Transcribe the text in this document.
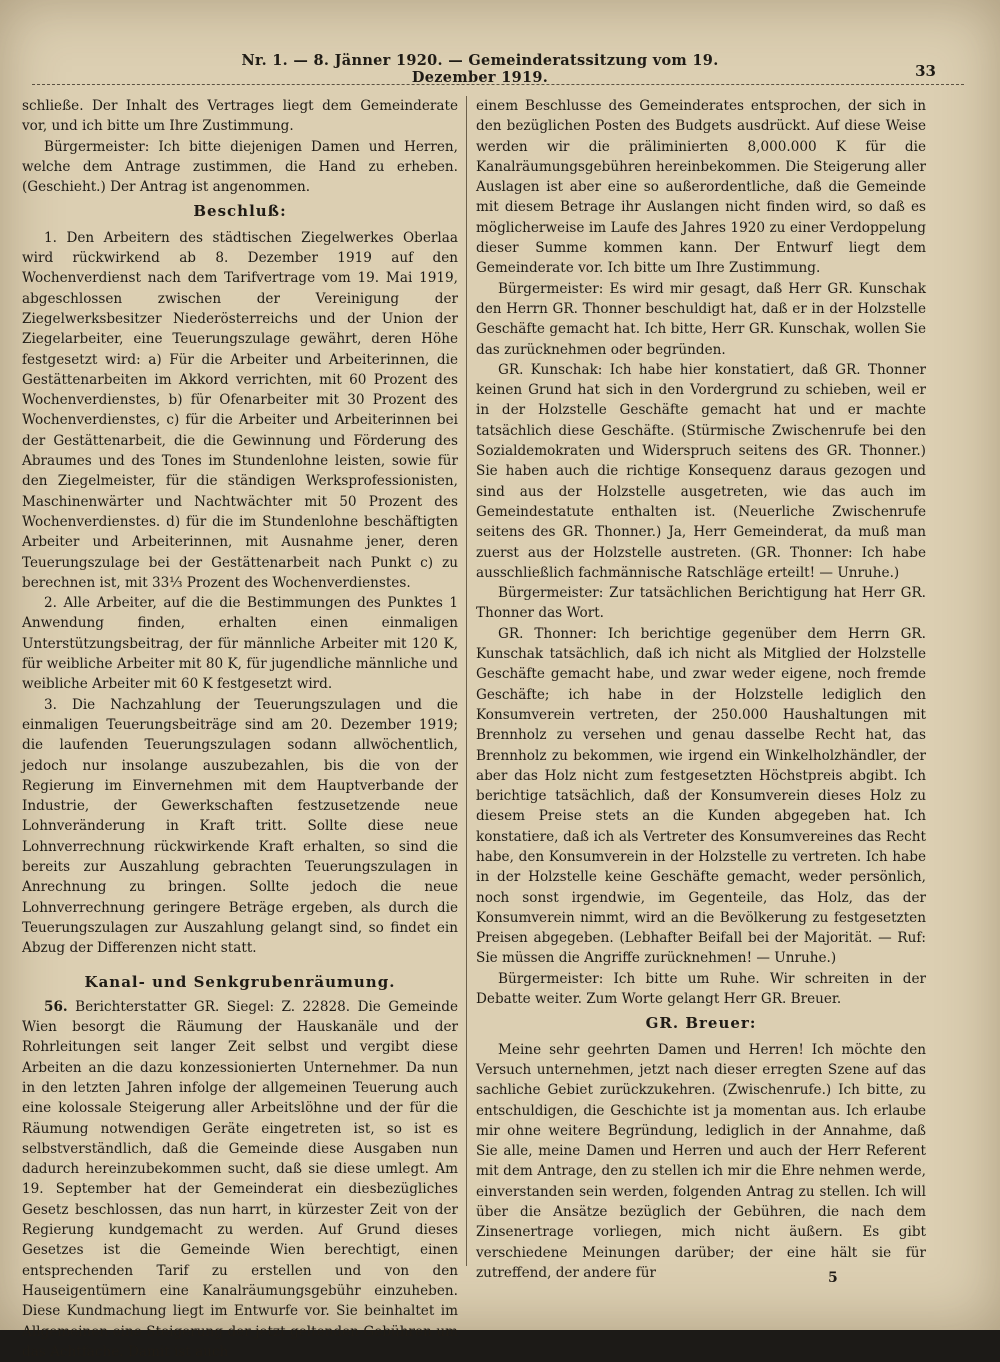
Nr. 1. — 8. Jänner 1920. — Gemeinderatssitzung vom 19. Dezember 1919.	33

schließe. Der Inhalt des Vertrages liegt dem Gemeinderate vor, und ich bitte um Ihre Zustimmung.

Bürgermeister: Ich bitte diejenigen Damen und Herren, welche dem Antrage zustimmen, die Hand zu erheben. (Geschieht.) Der Antrag ist angenommen.

Beschluß:

1. Den Arbeitern des städtischen Ziegelwerkes Oberlaa wird rückwirkend ab 8. Dezember 1919 auf den Wochenverdienst nach dem Tarifvertrage vom 19. Mai 1919, abgeschlossen zwischen der Vereinigung der Ziegelwerksbesitzer Niederösterreichs und der Union der Ziegelarbeiter, eine Teuerungszulage gewährt, deren Höhe festgesetzt wird: a) Für die Arbeiter und Arbeiterinnen, die Gestättenarbeiten im Akkord verrichten, mit 60 Prozent des Wochenverdienstes, b) für Ofenarbeiter mit 30 Prozent des Wochenverdienstes, c) für die Arbeiter und Arbeiterinnen bei der Gestättenarbeit, die die Gewinnung und Förderung des Abraumes und des Tones im Stundenlohne leisten, sowie für den Ziegelmeister, für die ständigen Werksprofessionisten, Maschinenwärter und Nachtwächter mit 50 Prozent des Wochenverdienstes. d) für die im Stundenlohne beschäftigten Arbeiter und Arbeiterinnen, mit Ausnahme jener, deren Teuerungszulage bei der Gestättenarbeit nach Punkt c) zu berechnen ist, mit 33⅓ Prozent des Wochenverdienstes.

2. Alle Arbeiter, auf die die Bestimmungen des Punktes 1 Anwendung finden, erhalten einen einmaligen Unterstützungsbeitrag, der für männliche Arbeiter mit 120 K, für weibliche Arbeiter mit 80 K, für jugendliche männliche und weibliche Arbeiter mit 60 K festgesetzt wird.

3. Die Nachzahlung der Teuerungszulagen und die einmaligen Teuerungsbeiträge sind am 20. Dezember 1919; die laufenden Teuerungszulagen sodann allwöchentlich, jedoch nur insolange auszubezahlen, bis die von der Regierung im Einvernehmen mit dem Hauptverbande der Industrie, der Gewerkschaften festzusetzende neue Lohnveränderung in Kraft tritt. Sollte diese neue Lohnverrechnung rückwirkende Kraft erhalten, so sind die bereits zur Auszahlung gebrachten Teuerungszulagen in Anrechnung zu bringen. Sollte jedoch die neue Lohnverrechnung geringere Beträge ergeben, als durch die Teuerungszulagen zur Auszahlung gelangt sind, so findet ein Abzug der Differenzen nicht statt.

Kanal- und Senkgrubenräumung.

56. Berichterstatter GR. Siegel: Z. 22828. Die Gemeinde Wien besorgt die Räumung der Hauskanäle und der Rohrleitungen seit langer Zeit selbst und vergibt diese Arbeiten an die dazu konzessionierten Unternehmer. Da nun in den letzten Jahren infolge der allgemeinen Teuerung auch eine kolossale Steigerung aller Arbeitslöhne und der für die Räumung notwendigen Geräte eingetreten ist, so ist es selbstverständlich, daß die Gemeinde diese Ausgaben nun dadurch hereinzubekommen sucht, daß sie diese umlegt. Am 19. September hat der Gemeinderat ein diesbezügliches Gesetz beschlossen, das nun harrt, in kürzester Zeit von der Regierung kundgemacht zu werden. Auf Grund dieses Gesetzes ist die Gemeinde Wien berechtigt, einen entsprechenden Tarif zu erstellen und von den Hauseigentümern eine Kanalräumungsgebühr einzuheben. Diese Kundmachung liegt im Entwurfe vor. Sie beinhaltet im Allgemeinen eine Steigerung der jetzt geltenden Gebühren um das Achtfache. Damit ist auch

einem Beschlusse des Gemeinderates entsprochen, der sich in den bezüglichen Posten des Budgets ausdrückt. Auf diese Weise werden wir die präliminierten 8,000.000 K für die Kanalräumungsgebühren hereinbekommen. Die Steigerung aller Auslagen ist aber eine so außerordentliche, daß die Gemeinde mit diesem Betrage ihr Auslangen nicht finden wird, so daß es möglicherweise im Laufe des Jahres 1920 zu einer Verdoppelung dieser Summe kommen kann. Der Entwurf liegt dem Gemeinderate vor. Ich bitte um Ihre Zustimmung.

Bürgermeister: Es wird mir gesagt, daß Herr GR. Kunschak den Herrn GR. Thonner beschuldigt hat, daß er in der Holzstelle Geschäfte gemacht hat. Ich bitte, Herr GR. Kunschak, wollen Sie das zurücknehmen oder begründen.

GR. Kunschak: Ich habe hier konstatiert, daß GR. Thonner keinen Grund hat sich in den Vordergrund zu schieben, weil er in der Holzstelle Geschäfte gemacht hat und er machte tatsächlich diese Geschäfte. (Stürmische Zwischenrufe bei den Sozialdemokraten und Widerspruch seitens des GR. Thonner.) Sie haben auch die richtige Konsequenz daraus gezogen und sind aus der Holzstelle ausgetreten, wie das auch im Gemeindestatute enthalten ist. (Neuerliche Zwischenrufe seitens des GR. Thonner.) Ja, Herr Gemeinderat, da muß man zuerst aus der Holzstelle austreten. (GR. Thonner: Ich habe ausschließlich fachmännische Ratschläge erteilt! — Unruhe.)

Bürgermeister: Zur tatsächlichen Berichtigung hat Herr GR. Thonner das Wort.

GR. Thonner: Ich berichtige gegenüber dem Herrn GR. Kunschak tatsächlich, daß ich nicht als Mitglied der Holzstelle Geschäfte gemacht habe, und zwar weder eigene, noch fremde Geschäfte; ich habe in der Holzstelle lediglich den Konsumverein vertreten, der 250.000 Haushaltungen mit Brennholz zu versehen und genau dasselbe Recht hat, das Brennholz zu bekommen, wie irgend ein Winkelholzhändler, der aber das Holz nicht zum festgesetzten Höchstpreis abgibt. Ich berichtige tatsächlich, daß der Konsumverein dieses Holz zu diesem Preise stets an die Kunden abgegeben hat. Ich konstatiere, daß ich als Vertreter des Konsumvereines das Recht habe, den Konsumverein in der Holzstelle zu vertreten. Ich habe in der Holzstelle keine Geschäfte gemacht, weder persönlich, noch sonst irgendwie, im Gegenteile, das Holz, das der Konsumverein nimmt, wird an die Bevölkerung zu festgesetzten Preisen abgegeben. (Lebhafter Beifall bei der Majorität. — Ruf: Sie müssen die Angriffe zurücknehmen! — Unruhe.)

Bürgermeister: Ich bitte um Ruhe. Wir schreiten in der Debatte weiter. Zum Worte gelangt Herr GR. Breuer.

GR. Breuer:

Meine sehr geehrten Damen und Herren! Ich möchte den Versuch unternehmen, jetzt nach dieser erregten Szene auf das sachliche Gebiet zurückzukehren. (Zwischenrufe.) Ich bitte, zu entschuldigen, die Geschichte ist ja momentan aus. Ich erlaube mir ohne weitere Begründung, lediglich in der Annahme, daß Sie alle, meine Damen und Herren und auch der Herr Referent mit dem Antrage, den zu stellen ich mir die Ehre nehmen werde, einverstanden sein werden, folgenden Antrag zu stellen. Ich will über die Ansätze bezüglich der Gebühren, die nach dem Zinsenertrage vorliegen, mich nicht äußern. Es gibt verschiedene Meinungen darüber; der eine hält sie für zutreffend, der andere für	5
